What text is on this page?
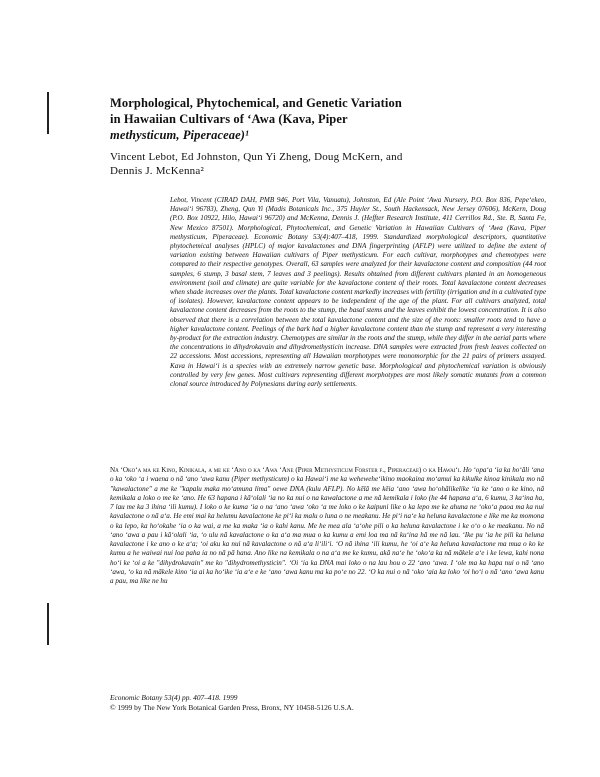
Morphological, Phytochemical, and Genetic Variation
in Hawaiian Cultivars of ʻAwa (Kava, Piper
methysticum, Piperaceae)¹
Vincent Lebot, Ed Johnston, Qun Yi Zheng, Doug McKern, and
Dennis J. McKenna²
Lebot, Vincent (CIRAD DAH, PMB 946, Port Vila, Vanuatu), Johnston, Ed (Ale Point ʻAwa Nursery, P.O. Box 836, Pepeʻekeo, Hawaiʻi 96783), Zheng, Qun Yi (Madis Botanicals Inc., 375 Huyler St., South Hackensack, New Jersey 07606), McKern, Doug (P.O. Box 10922, Hilo, Hawaiʻi 96720) and McKenna, Dennis J. (Heffter Research Institute, 411 Cerrillos Rd., Ste. B, Santa Fe, New Mexico 87501). Morphological, Phytochemical, and Genetic Variation in Hawaiian Cultivars of ʻAwa (Kava, Piper methysticum, Piperaceae). Economic Botany 53(4):407–418, 1999. Standardized morphological descriptors, quantitative phytochemical analyses (HPLC) of major kavalactones and DNA fingerprinting (AFLP) were utilized to define the extent of variation existing between Hawaiian cultivars of Piper methysticum. For each cultivar, morphotypes and chemotypes were compared to their respective genotypes. Overall, 63 samples were analyzed for their kavalactone content and composition (44 root samples, 6 stump, 3 basal stem, 7 leaves and 3 peelings). Results obtained from different cultivars planted in an homogeneous environment (soil and climate) are quite variable for the kavalactone content of their roots. Total kavalactone content decreases when shade increases over the plants. Total kavalactone content markedly increases with fertility (irrigation and in a cultivated type of isolates). However, kavalactone content appears to be independent of the age of the plant. For all cultivars analyzed, total kavalactone content decreases from the roots to the stump, the basal stems and the leaves exhibit the lowest concentration. It is also observed that there is a correlation between the total kavalactone content and the size of the roots: smaller roots tend to have a higher kavalactone content. Peelings of the bark had a higher kavalactone content than the stump and represent a very interesting by-product for the extraction industry. Chemotypes are similar in the roots and the stump, while they differ in the aerial parts where the concentrations in dihydrokavain and dihydromethysticin increase. DNA samples were extracted from fresh leaves collected on 22 accessions. Most accessions, representing all Hawaiian morphotypes were monomorphic for the 21 pairs of primers assayed. Kava in Hawaiʻi is a species with an extremely narrow genetic base. Morphological and phytochemical variation is obviously controlled by very few genes. Most cultivars representing different morphotypes are most likely somatic mutants from a common clonal source introduced by Polynesians during early settlements.
Nā ʻOkoʻa ma ke Kino, Kinikala, a me ke ʻAno o ka ʻAwa ʻAne (Piper Methysticum Forster f., Piperaceae) o ka Hawaiʻi. Ho ʻopaʻa ʻia ka hoʻāli ʻana o ka ʻoko ʻa i waena o nā ʻano ʻawa kanu (Piper methysticum) o ka Hawaiʻi me ka weheweheʻikino maokaina moʻamui ka kikulke kinoa kinikala mo nā "kawalactone" a me ke "kapalu maka moʻamuna lima" oewe DNA (kulu AFLP). No kēlā me kēia ʻano ʻawa hoʻohālikelike ʻia ke ʻano o ke kino, nā kemikala a loko o me ke ʻano. He 63 hapana i kāʻolali ʻia no ka nui o na kawalactone a me nā kemikala i loko (he 44 hapana aʻa, 6 kumu, 3 kaʻina ha, 7 lau me ka 3 ihina ʻili kumu). I loko o ke kuma ʻia o na ʻano ʻawa ʻoko ʻa me loko o ke kaipuni like o ka lepo me ke ahuna ne ʻokoʻa paoa ma ka nui kavalactone o nā aʻa. He emi mai ka helumu kavalactone ke piʻi ka malu o luna o ne meakanu. He piʻi naʻe ka heluna kavalactone e like me ka momona o ka lepo, ka hoʻokahe ʻia o ka wai, a me ka maka ʻia o kahi kanu. Me he mea ala ʻaʻohe pili o ka heluna kavalactone i ke oʻo o ke meakanu. No nā ʻano ʻawa a pau i kāʻolali ʻia, ʻo ulu nā kavalactone o ka aʻa ma mua o ka kumu a emi loa ma nā kuʻina hā me nā lau. ʻIke pu ʻia he pili ka heluna kavalactone i ke ano o ke aʻa; ʻoi aku ka nui nā kavalactone o nā aʻa liʻiliʻi. ʻO nā ihina ʻili kumu, he ʻoi aʻe ka heluna kavalactone ma mua o ko ke kumu a he waiwai nui loa paha ia no nā pā hana. Ano like na kemikala o na aʻa me ke kumu, akā naʻe he ʻokoʻa ka nā mākele aʻe i ke lewa, kahi nona hoʻi ke ʻoi a ke "dihydrokavain" me ko "dihydromethysticin". ʻOi ʻia ka DNA mai loko o na lau hou o 22 ʻano ʻawa. I ʻole ma ka hapa nui o nā ʻano ʻawa, ʻo ka nā mākele kino ʻia ai ka hoʻike ʻia aʻe e ke ʻano ʻawa kanu ma ka poʻe no 22. ʻO ka nui o nā ʻoko ʻaia ka loko ʻoi hoʻi o nā ʻano ʻawa kanu a pau, ma like ne hu
Economic Botany 53(4) pp. 407–418. 1999
© 1999 by The New York Botanical Garden Press, Bronx, NY 10458-5126 U.S.A.
